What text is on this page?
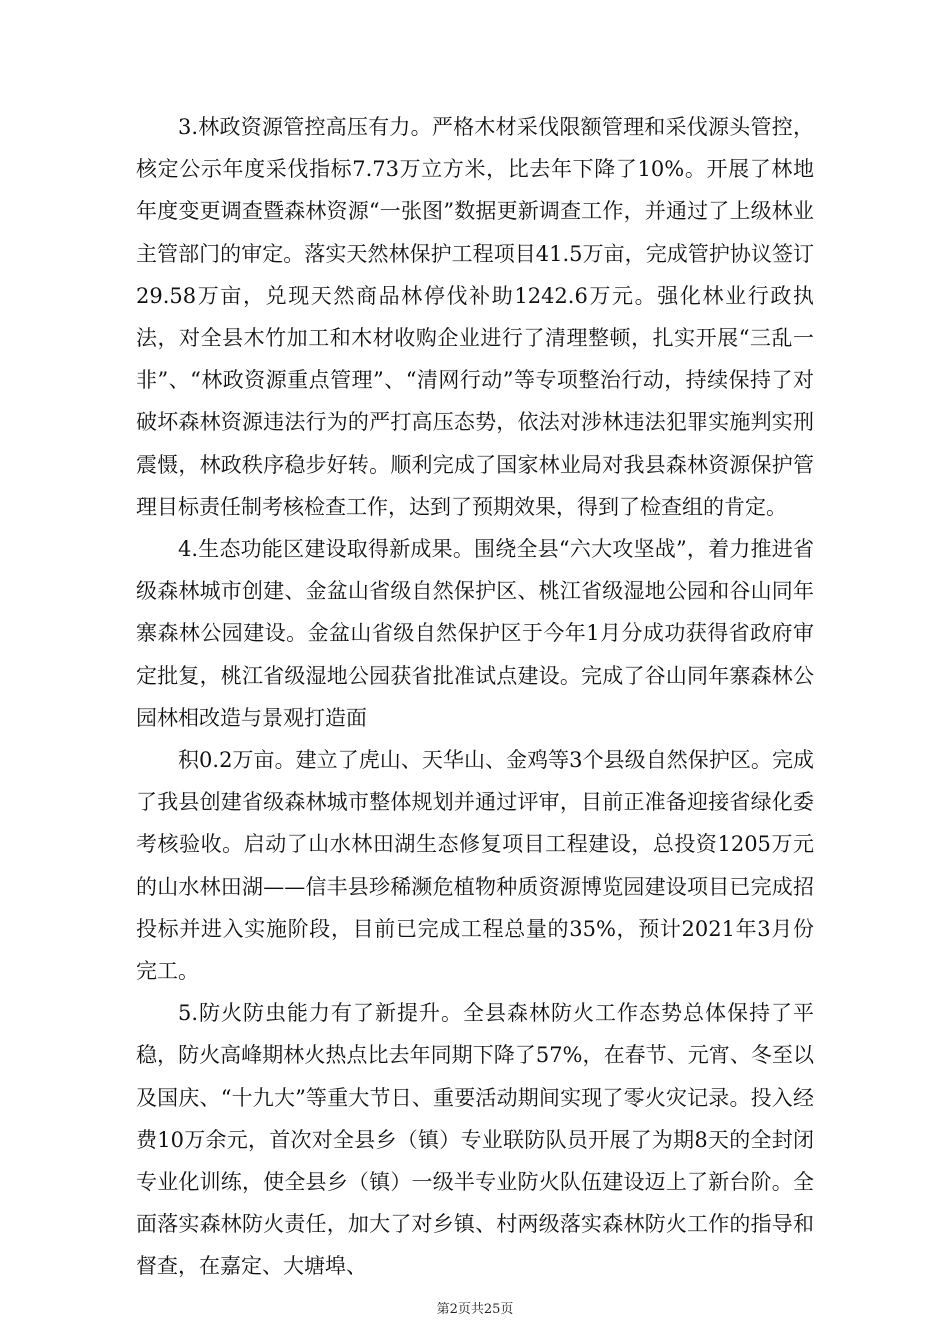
3.林政资源管控高压有力。严格木材采伐限额管理和采伐源头管控，核定公示年度采伐指标7.73万立方米，比去年下降了10%。开展了林地年度变更调查暨森林资源“一张图”数据更新调查工作，并通过了上级林业主管部门的审定。落实天然林保护工程项目41.5万亩，完成管护协议签订29.58万亩，兑现天然商品林停伐补助1242.6万元。强化林业行政执法，对全县木竹加工和木材收购企业进行了清理整顿，扎实开展“三乱一非”、“林政资源重点管理”、“清网行动”等专项整治行动，持续保持了对破坏森林资源违法行为的严打高压态势，依法对涉林违法犯罪实施判实刑震慑，林政秩序稳步好转。顺利完成了国家林业局对我县森林资源保护管理目标责任制考核检查工作，达到了预期效果，得到了检查组的肯定。

4.生态功能区建设取得新成果。围绕全县“六大攻坚战”，着力推进省级森林城市创建、金盆山省级自然保护区、桃江省级湿地公园和谷山同年寨森林公园建设。金盆山省级自然保护区于今年1月分成功获得省政府审定批复，桃江省级湿地公园获省批准试点建设。完成了谷山同年寨森林公园林相改造与景观打造面

积0.2万亩。建立了虎山、天华山、金鸡等3个县级自然保护区。完成了我县创建省级森林城市整体规划并通过评审，目前正准备迎接省绿化委考核验收。启动了山水林田湖生态修复项目工程建设，总投资1205万元的山水林田湖——信丰县珍稀濒危植物种质资源博览园建设项目已完成招投标并进入实施阶段，目前已完成工程总量的35%，预计2021年3月份完工。

5.防火防虫能力有了新提升。全县森林防火工作态势总体保持了平稳，防火高峰期林火热点比去年同期下降了57%，在春节、元宵、冬至以及国庆、“十九大”等重大节日、重要活动期间实现了零火灾记录。投入经费10万余元，首次对全县乡（镇）专业联防队员开展了为期8天的全封闭专业化训练，使全县乡（镇）一级半专业防火队伍建设迈上了新台阶。全面落实森林防火责任，加大了对乡镇、村两级落实森林防火工作的指导和督查，在嘉定、大塘埠、

第2页共25页
